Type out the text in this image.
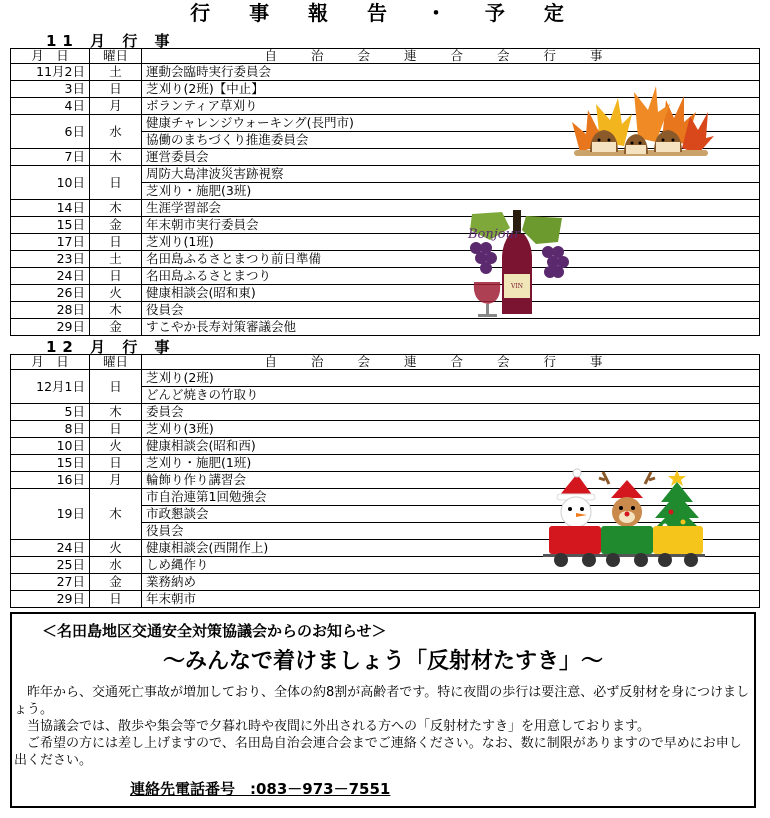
行 事 報 告 ・ 予 定
11 月 行 事
月　日	曜日	自治会連合会行事
11月2日	土	運動会臨時実行委員会

3日	日	芝刈り(2班)【中止】

4日	月	ボランティア草刈り

6日	水	健康チャレンジウォーキング(長門市)
協働のまちづくり推進委員会

7日	木	運営委員会

10日	日	周防大島津波災害跡視察
芝刈り・施肥(3班)

14日	木	生涯学習部会

15日	金	年末朝市実行委員会

17日	日	芝刈り(1班)

23日	土	名田島ふるさとまつり前日準備

24日	日	名田島ふるさとまつり

26日	火	健康相談会(昭和東)

28日	木	役員会

29日	金	すこやか長寿対策審議会他
12 月 行 事
月　日	曜日	自治会連合会行事
12月1日	日	芝刈り(2班)
どんど焼きの竹取り

5日	木	委員会

8日	日	芝刈り(3班)

10日	火	健康相談会(昭和西)

15日	日	芝刈り・施肥(1班)

16日	月	輪飾り作り講習会

19日	木	市自治連第1回勉強会
市政懇談会
役員会

24日	火	健康相談会(西開作上)

25日	水	しめ縄作り

27日	金	業務納め

29日	日	年末朝市
VIN
Bonjour
＜名田島地区交通安全対策協議会からのお知らせ＞
～みんなで着けましょう「反射材たすき」～

　昨年から、交通死亡事故が増加しており、全体の約8割が高齢者です。特に夜間の歩行は要注意、必ず反射材を身につけましょう。

　当協議会では、散歩や集会等で夕暮れ時や夜間に外出される方への「反射材たすき」を用意しております。

　ご希望の方には差し上げますので、名田島自治会連合会までご連絡ください。なお、数に制限がありますので早めにお申し出ください。

連絡先電話番号　:083－973－7551
